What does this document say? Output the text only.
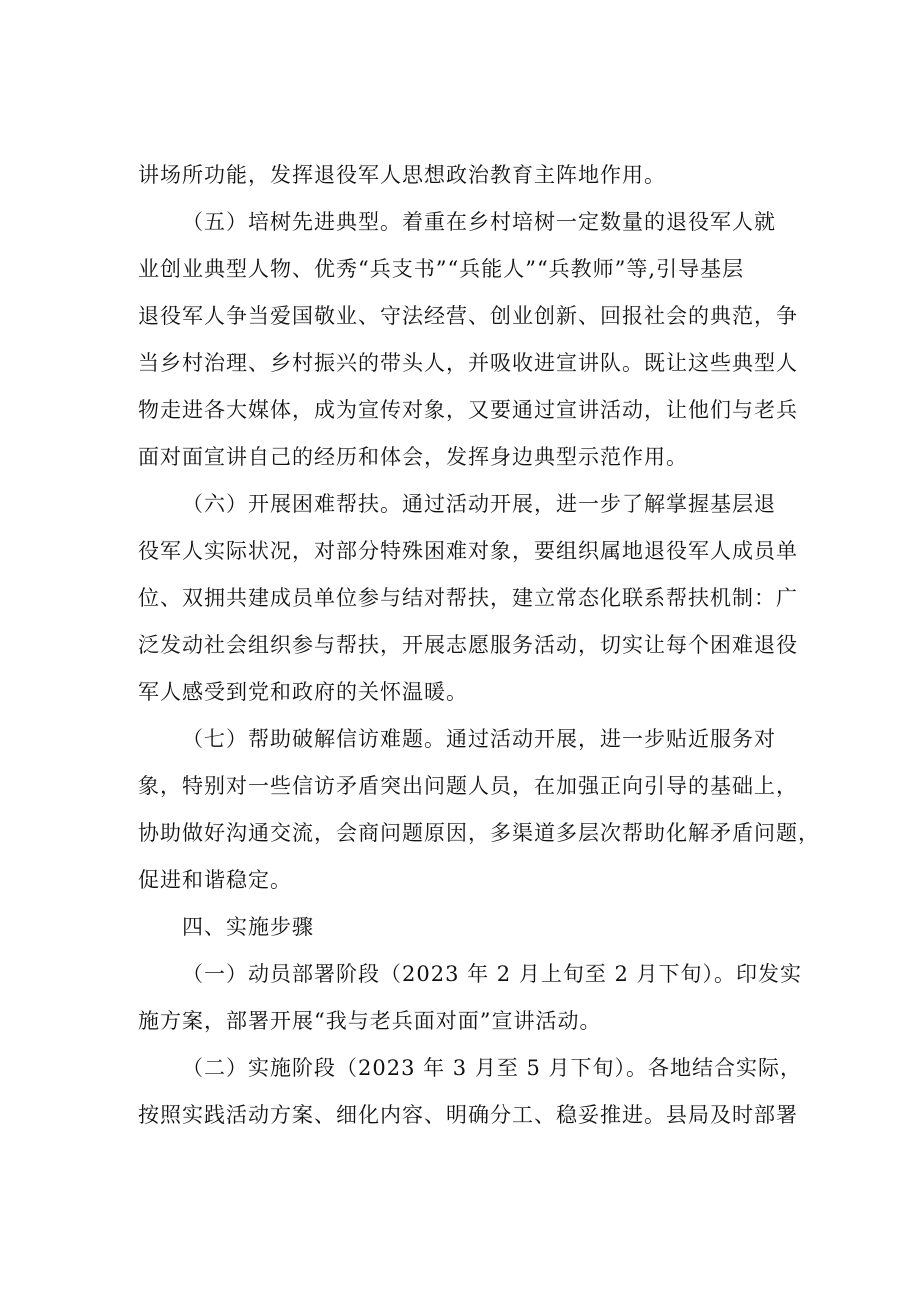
讲场所功能，发挥退役军人思想政治教育主阵地作用。

（五）培树先进典型。着重在乡村培树一定数量的退役军人就
业创业典型人物、优秀“兵支书”“兵能人”“兵教师”等,引导基层
退役军人争当爱国敬业、守法经营、创业创新、回报社会的典范，争
当乡村治理、乡村振兴的带头人，并吸收进宣讲队。既让这些典型人
物走进各大媒体，成为宣传对象，又要通过宣讲活动，让他们与老兵
面对面宣讲自己的经历和体会，发挥身边典型示范作用。

（六）开展困难帮扶。通过活动开展，进一步了解掌握基层退
役军人实际状况，对部分特殊困难对象，要组织属地退役军人成员单
位、双拥共建成员单位参与结对帮扶，建立常态化联系帮扶机制：广
泛发动社会组织参与帮扶，开展志愿服务活动，切实让每个困难退役
军人感受到党和政府的关怀温暖。

（七）帮助破解信访难题。通过活动开展，进一步贴近服务对
象，特别对一些信访矛盾突出问题人员，在加强正向引导的基础上，
协助做好沟通交流，会商问题原因，多渠道多层次帮助化解矛盾问题，
促进和谐稳定。

四、实施步骤

（一）动员部署阶段（2023 年 2 月上旬至 2 月下旬）。印发实
施方案，部署开展“我与老兵面对面”宣讲活动。

（二）实施阶段（2023 年 3 月至 5 月下旬）。各地结合实际，
按照实践活动方案、细化内容、明确分工、稳妥推进。县局及时部署
